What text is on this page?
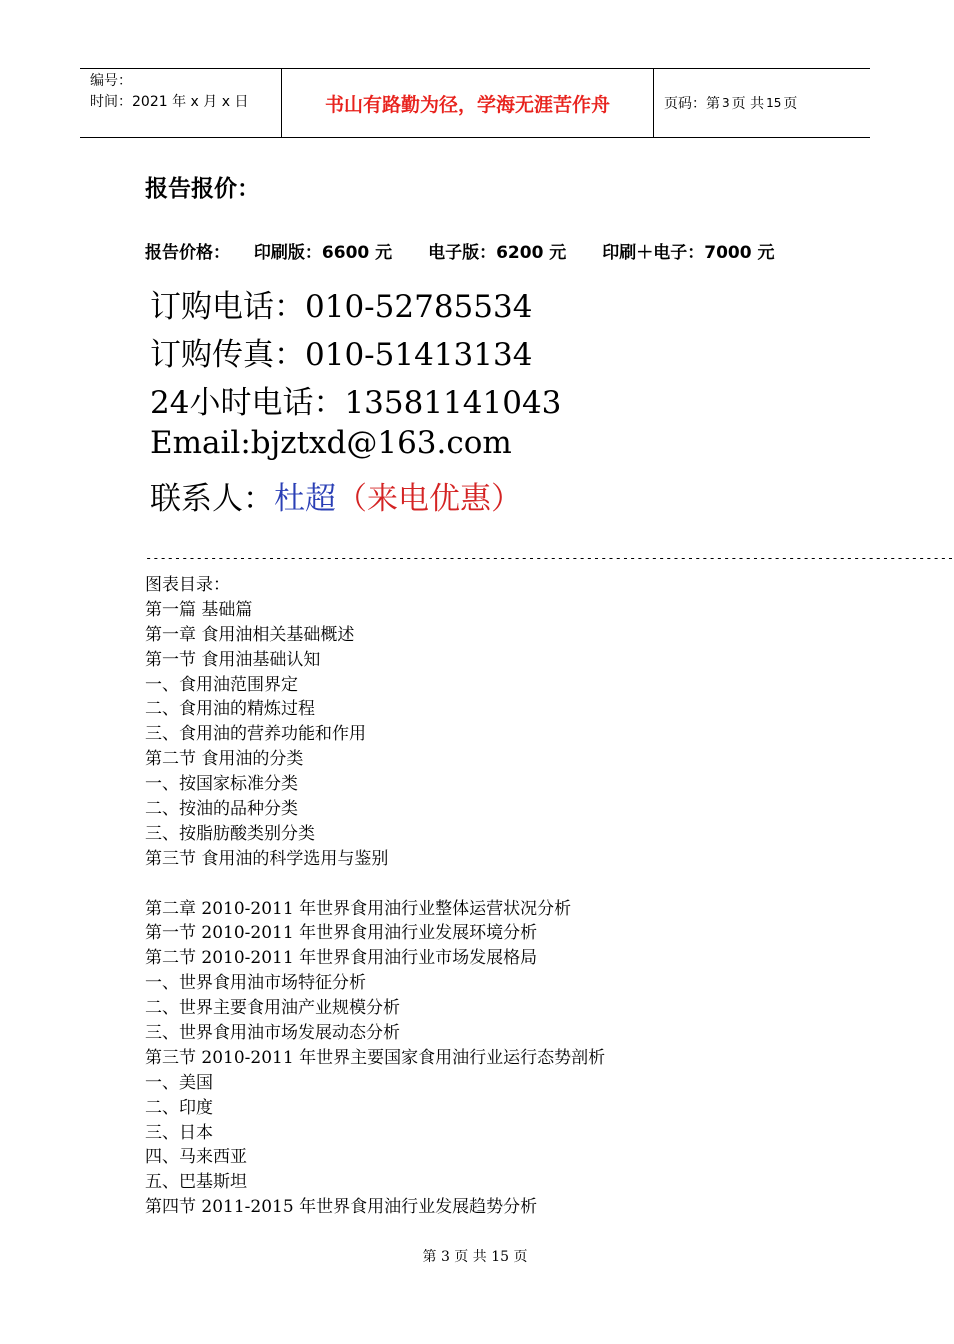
编号：
时间：2021 年 x 月 x 日	书山有路勤为径，学海无涯苦作舟	页码：第 3 页 共 15 页
报告报价：
报告价格： 印刷版：6600 元 电子版：6200 元 印刷＋电子：7000 元
订购电话：010-52785534
订购传真：010-51413134
24小时电话：13581141043
Email:bjztxd@163.com
联系人：杜超（来电优惠）
----------------------------------------------------------------------------------------------------------------
图表目录：
第一篇 基础篇
第一章 食用油相关基础概述
第一节 食用油基础认知
一、食用油范围界定
二、食用油的精炼过程
三、食用油的营养功能和作用
第二节 食用油的分类
一、按国家标准分类
二、按油的品种分类
三、按脂肪酸类别分类
第三节 食用油的科学选用与鉴别
第二章 2010-2011 年世界食用油行业整体运营状况分析
第一节 2010-2011 年世界食用油行业发展环境分析
第二节 2010-2011 年世界食用油行业市场发展格局
一、世界食用油市场特征分析
二、世界主要食用油产业规模分析
三、世界食用油市场发展动态分析
第三节 2010-2011 年世界主要国家食用油行业运行态势剖析
一、美国
二、印度
三、日本
四、马来西亚
五、巴基斯坦
第四节 2011-2015 年世界食用油行业发展趋势分析
第 3 页 共 15 页
